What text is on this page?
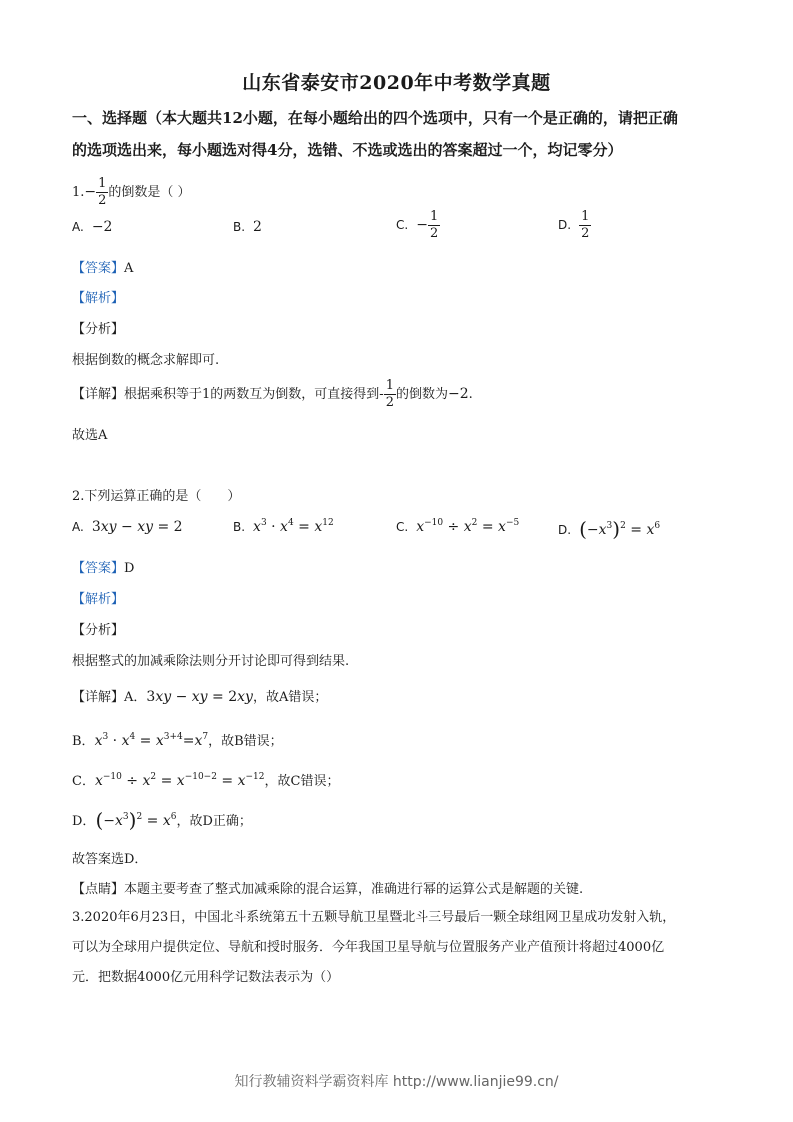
山东省泰安市2020年中考数学真题
一、选择题（本大题共12小题，在每小题给出的四个选项中，只有一个是正确的，请把正确
的选项选出来，每小题选对得4分，选错、不选或选出的答案超过一个，均记零分）
$1.- \frac{1}{2}$ 的倒数是（ ）
A. −2	B. 2	C. − $\frac{1}{2}$	D. $\frac{1}{2}$
【答案】A
【解析】
【分析】
根据倒数的概念求解即可.
【详解】根据乘积等于1的两数互为倒数，可直接得到- $\frac{1}{2}$ 的倒数为−2.
故选A
2.下列运算正确的是（　　）
A. 3xy − xy = 2	B. $x^3 \cdot x^4 = x^{12}$	C. $x^{-10} \div x^2 = x^{-5}$	D. $(-x^3)^2 = x^6$
【答案】D
【解析】
【分析】
根据整式的加减乘除法则分开讨论即可得到结果.
【详解】A．3xy − xy = 2xy，故A错误；
B．$x^3 \cdot x^4 = x^{3+4}=x^7$，故B错误；
C．$x^{-10} \div x^2 = x^{-10-2} = x^{-12}$，故C错误；
D．$(-x^3)^2 = x^6$，故D正确；
故答案选D．
【点睛】本题主要考查了整式加减乘除的混合运算，准确进行幂的运算公式是解题的关键.
3.2020年6月23日，中国北斗系统第五十五颗导航卫星暨北斗三号最后一颗全球组网卫星成功发射入轨，
可以为全球用户提供定位、导航和授时服务．今年我国卫星导航与位置服务产业产值预计将超过4000亿
元．把数据4000亿元用科学记数法表示为（）
知行教辅资料学霸资料库 http://www.lianjie99.cn/
